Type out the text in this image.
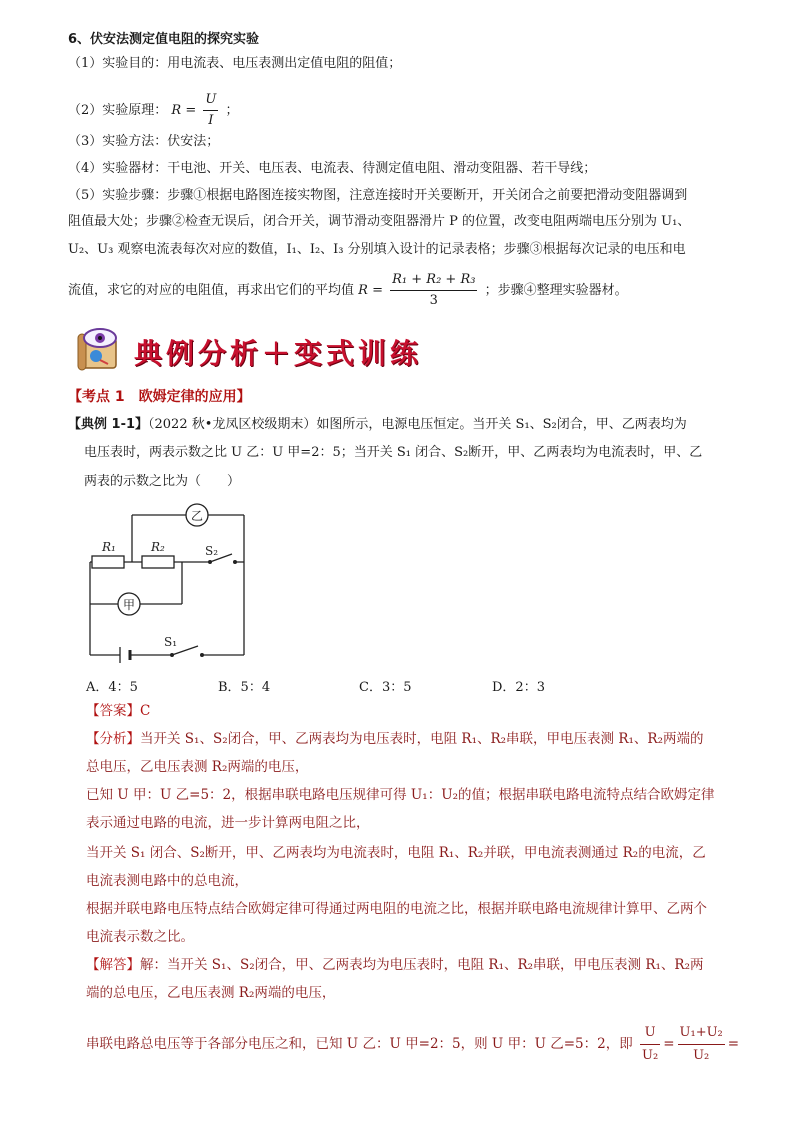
6、伏安法测定值电阻的探究实验
（1）实验目的：用电流表、电压表测出定值电阻的阻值；
（2）实验原理： $R = \frac{U}{I}$ ；
（3）实验方法：伏安法；
（4）实验器材：干电池、开关、电压表、电流表、待测定值电阻、滑动变阻器、若干导线；
（5）实验步骤：步骤①根据电路图连接实物图，注意连接时开关要断开，开关闭合之前要把滑动变阻器调到
阻值最大处；步骤②检查无误后，闭合开关，调节滑动变阻器滑片 P 的位置，改变电阻两端电压分别为 U₁、
U₂、U₃ 观察电流表每次对应的数值，I₁、I₂、I₃ 分别填入设计的记录表格；步骤③根据每次记录的电压和电
流值，求它的对应的电阻值，再求出它们的平均值 $R = \frac{\text{R₁ + R₂ + R₃}}{3}$ ；步骤④整理实验器材。
典例分析＋变式训练
【考点 1　欧姆定律的应用】
【典例 1-1】（2022 秋•龙凤区校级期末）如图所示，电源电压恒定。当开关 S₁、S₂闭合，甲、乙两表均为
电压表时，两表示数之比 U 乙：U 甲=2：5；当开关 S₁ 闭合、S₂断开，甲、乙两表均为电流表时，甲、乙
两表的示数之比为（　　）
乙
甲
R₁	R₂	S₂
S₁
A．4：5	B．5：4	C．3：5	D．2：3
【答案】C
【分析】当开关 S₁、S₂闭合，甲、乙两表均为电压表时，电阻 R₁、R₂串联，甲电压表测 R₁、R₂两端的
总电压，乙电压表测 R₂两端的电压，
已知 U 甲：U 乙=5：2，根据串联电路电压规律可得 U₁：U₂的值；根据串联电路电流特点结合欧姆定律
表示通过电路的电流，进一步计算两电阻之比，
当开关 S₁ 闭合、S₂断开，甲、乙两表均为电流表时，电阻 R₁、R₂并联，甲电流表测通过 R₂的电流，乙
电流表测电路中的总电流，
根据并联电路电压特点结合欧姆定律可得通过两电阻的电流之比，根据并联电路电流规律计算甲、乙两个
电流表示数之比。
【解答】解：当开关 S₁、S₂闭合，甲、乙两表均为电压表时，电阻 R₁、R₂串联，甲电压表测 R₁、R₂两
端的总电压，乙电压表测 R₂两端的电压，
串联电路总电压等于各部分电压之和，已知 U 乙：U 甲=2：5，则 U 甲：U 乙=5：2，即 $\frac{U}{\text{U₂}} = \frac{\text{U₁+U₂}}{\text{U₂}}$ =
